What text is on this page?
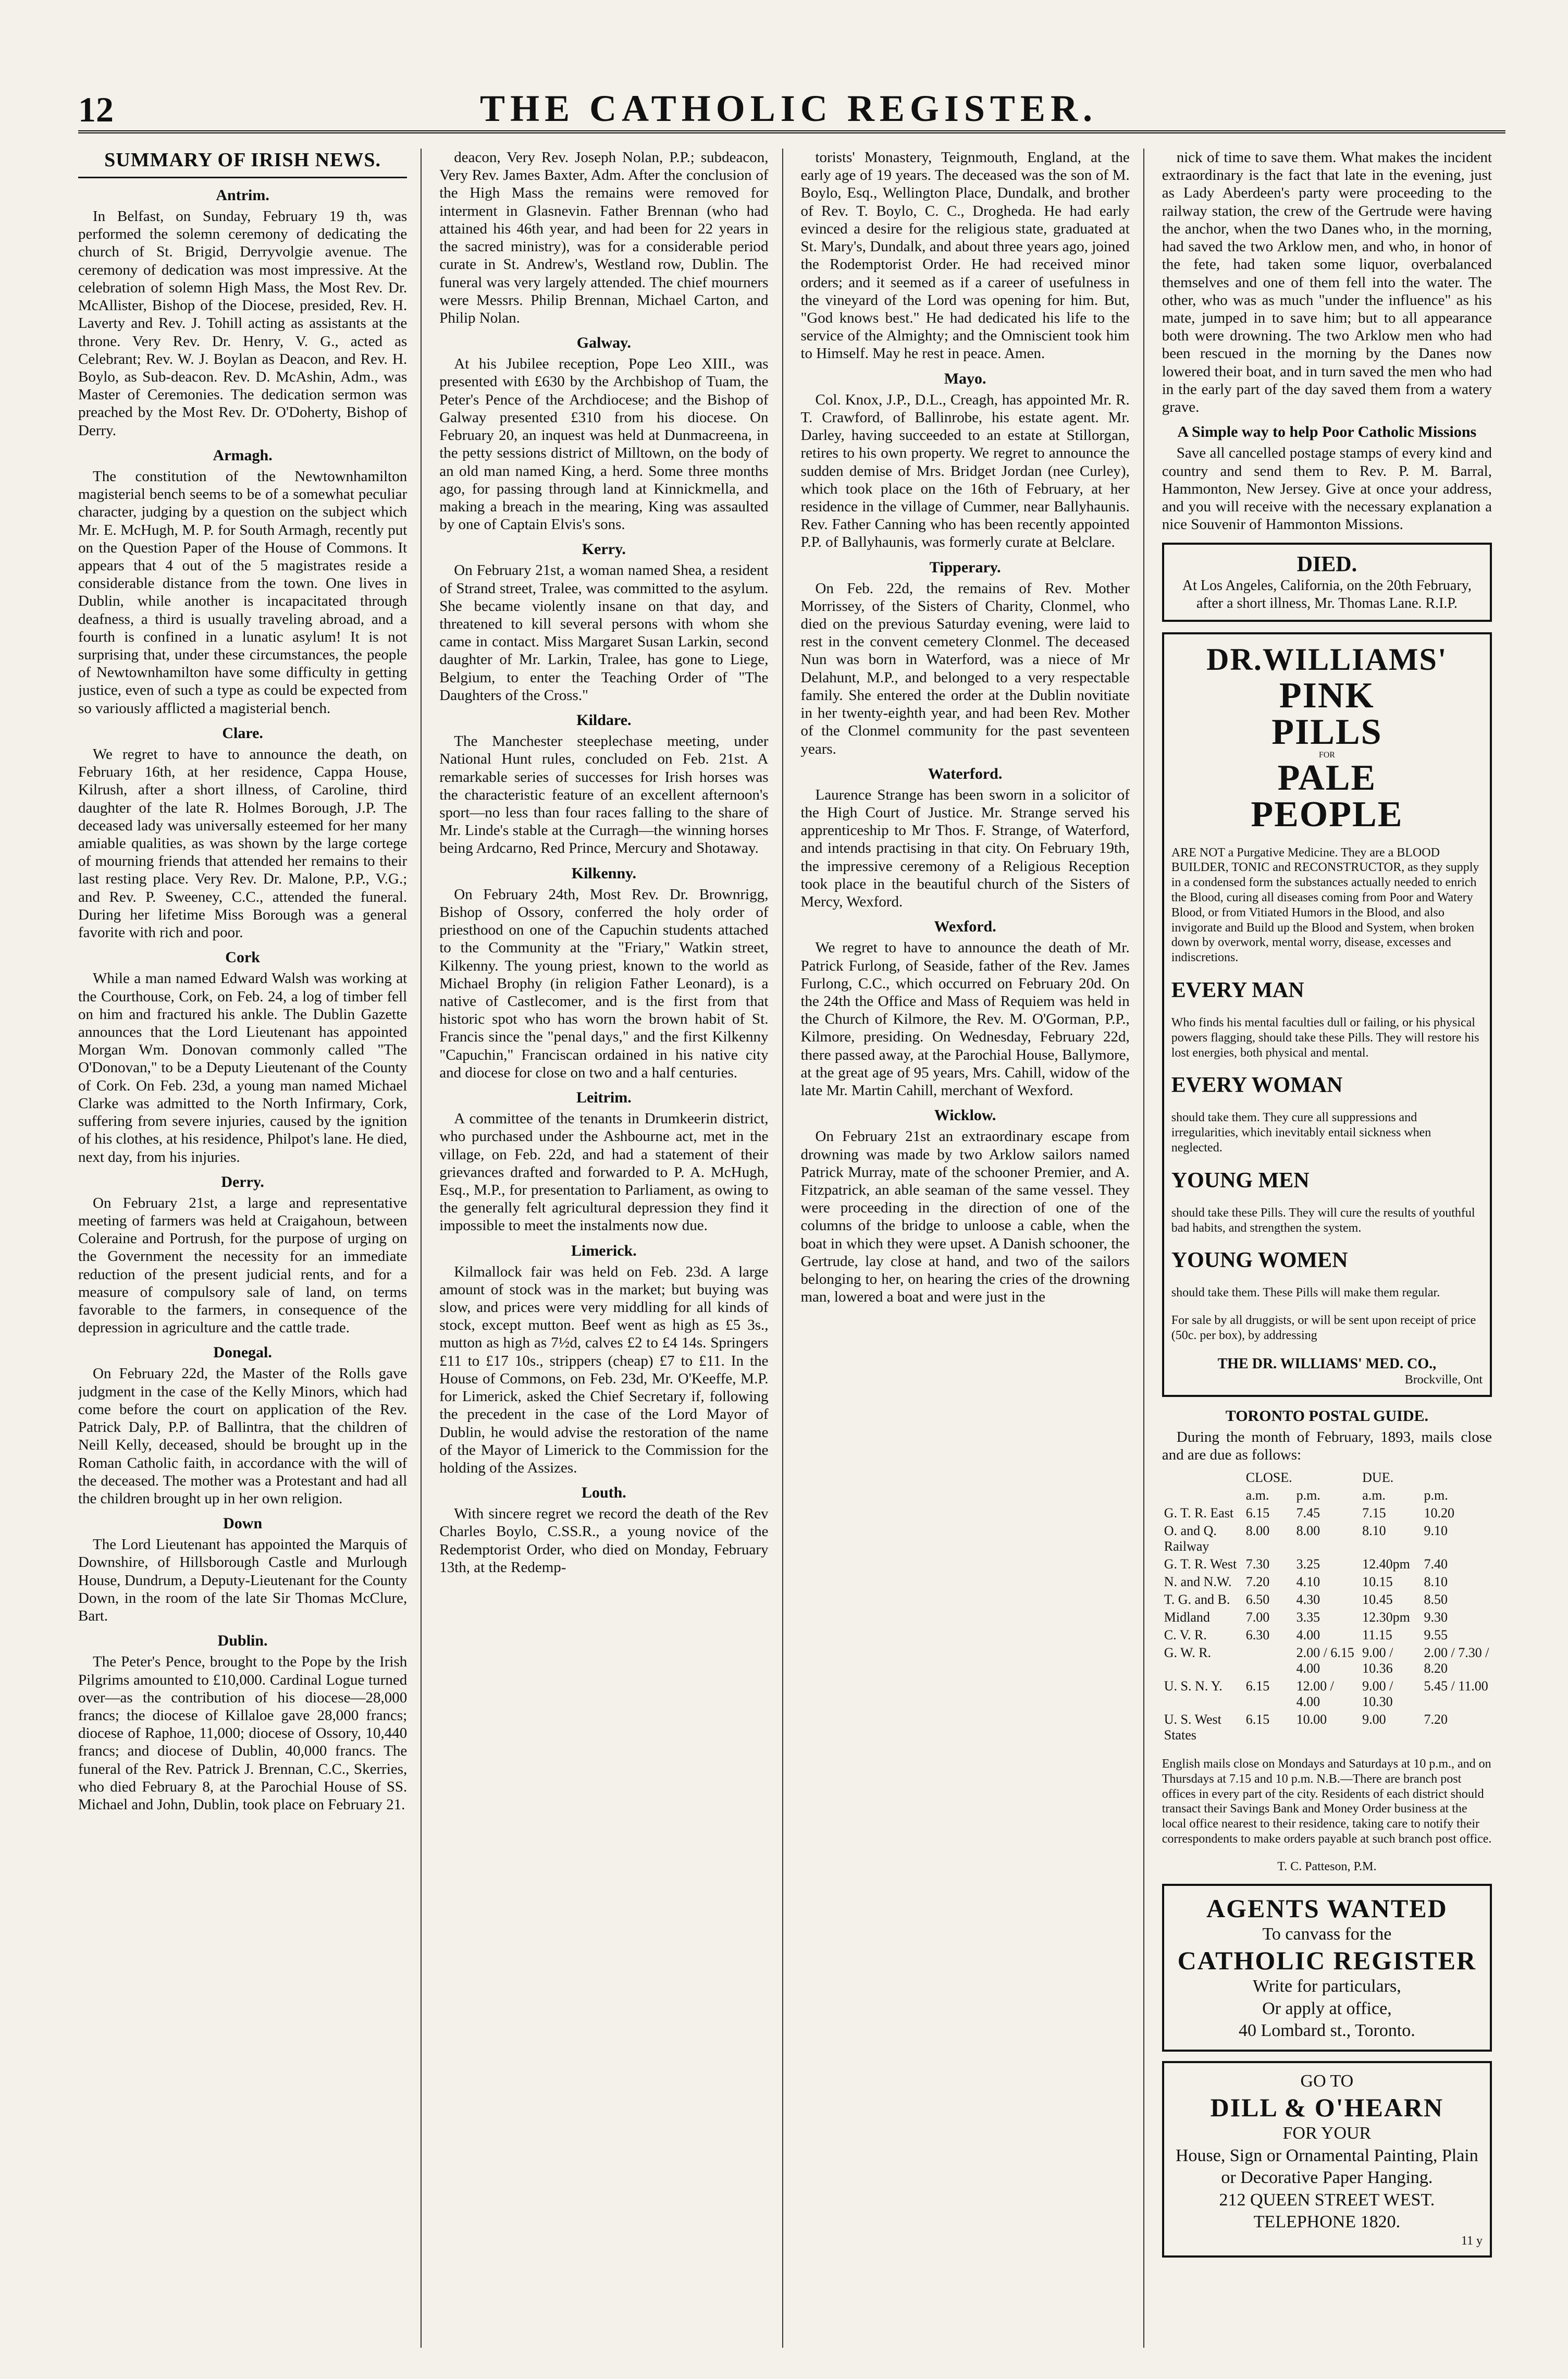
12	THE CATHOLIC REGISTER.
SUMMARY OF IRISH NEWS.
Antrim.

In Belfast, on Sunday, February 19 th, was performed the solemn ceremony of dedicating the church of St. Brigid, Derryvolgie avenue. The ceremony of dedication was most impressive. At the celebration of solemn High Mass, the Most Rev. Dr. McAllister, Bishop of the Diocese, presided, Rev. H. Laverty and Rev. J. Tohill acting as assistants at the throne. Very Rev. Dr. Henry, V. G., acted as Celebrant; Rev. W. J. Boylan as Deacon, and Rev. H. Boylo, as Sub-deacon. Rev. D. McAshin, Adm., was Master of Ceremonies. The dedication sermon was preached by the Most Rev. Dr. O'Doherty, Bishop of Derry.

Armagh.

The constitution of the Newtownhamilton magisterial bench seems to be of a somewhat peculiar character, judging by a question on the subject which Mr. E. McHugh, M. P. for South Armagh, recently put on the Question Paper of the House of Commons. It appears that 4 out of the 5 magistrates reside a considerable distance from the town. One lives in Dublin, while another is incapacitated through deafness, a third is usually traveling abroad, and a fourth is confined in a lunatic asylum! It is not surprising that, under these circumstances, the people of Newtownhamilton have some difficulty in getting justice, even of such a type as could be expected from so variously afflicted a magisterial bench.

Clare.

We regret to have to announce the death, on February 16th, at her residence, Cappa House, Kilrush, after a short illness, of Caroline, third daughter of the late R. Holmes Borough, J.P. The deceased lady was universally esteemed for her many amiable qualities, as was shown by the large cortege of mourning friends that attended her remains to their last resting place. Very Rev. Dr. Malone, P.P., V.G.; and Rev. P. Sweeney, C.C., attended the funeral. During her lifetime Miss Borough was a general favorite with rich and poor.

Cork

While a man named Edward Walsh was working at the Courthouse, Cork, on Feb. 24, a log of timber fell on him and fractured his ankle. The Dublin Gazette announces that the Lord Lieutenant has appointed Morgan Wm. Donovan commonly called "The O'Donovan," to be a Deputy Lieutenant of the County of Cork. On Feb. 23d, a young man named Michael Clarke was admitted to the North Infirmary, Cork, suffering from severe injuries, caused by the ignition of his clothes, at his residence, Philpot's lane. He died, next day, from his injuries.

Derry.

On February 21st, a large and representative meeting of farmers was held at Craigahoun, between Coleraine and Portrush, for the purpose of urging on the Government the necessity for an immediate reduction of the present judicial rents, and for a measure of compulsory sale of land, on terms favorable to the farmers, in consequence of the depression in agriculture and the cattle trade.

Donegal.

On February 22d, the Master of the Rolls gave judgment in the case of the Kelly Minors, which had come before the court on application of the Rev. Patrick Daly, P.P. of Ballintra, that the children of Neill Kelly, deceased, should be brought up in the Roman Catholic faith, in accordance with the will of the deceased. The mother was a Protestant and had all the children brought up in her own religion.

Down

The Lord Lieutenant has appointed the Marquis of Downshire, of Hillsborough Castle and Murlough House, Dundrum, a Deputy-Lieutenant for the County Down, in the room of the late Sir Thomas McClure, Bart.

Dublin.

The Peter's Pence, brought to the Pope by the Irish Pilgrims amounted to £10,000. Cardinal Logue turned over—as the contribution of his diocese—28,000 francs; the diocese of Killaloe gave 28,000 francs; diocese of Raphoe, 11,000; diocese of Ossory, 10,440 francs; and diocese of Dublin, 40,000 francs. The funeral of the Rev. Patrick J. Brennan, C.C., Skerries, who died February 8, at the Parochial House of SS. Michael and John, Dublin, took place on February 21.

deacon, Very Rev. Joseph Nolan, P.P.; subdeacon, Very Rev. James Baxter, Adm. After the conclusion of the High Mass the remains were removed for interment in Glasnevin. Father Brennan (who had attained his 46th year, and had been for 22 years in the sacred ministry), was for a considerable period curate in St. Andrew's, Westland row, Dublin. The funeral was very largely attended. The chief mourners were Messrs. Philip Brennan, Michael Carton, and Philip Nolan.

Galway.

At his Jubilee reception, Pope Leo XIII., was presented with £630 by the Archbishop of Tuam, the Peter's Pence of the Archdiocese; and the Bishop of Galway presented £310 from his diocese. On February 20, an inquest was held at Dunmacreena, in the petty sessions district of Milltown, on the body of an old man named King, a herd. Some three months ago, for passing through land at Kinnickmella, and making a breach in the mearing, King was assaulted by one of Captain Elvis's sons.

Kerry.

On February 21st, a woman named Shea, a resident of Strand street, Tralee, was committed to the asylum. She became violently insane on that day, and threatened to kill several persons with whom she came in contact. Miss Margaret Susan Larkin, second daughter of Mr. Larkin, Tralee, has gone to Liege, Belgium, to enter the Teaching Order of "The Daughters of the Cross."

Kildare.

The Manchester steeplechase meeting, under National Hunt rules, concluded on Feb. 21st. A remarkable series of successes for Irish horses was the characteristic feature of an excellent afternoon's sport—no less than four races falling to the share of Mr. Linde's stable at the Curragh—the winning horses being Ardcarno, Red Prince, Mercury and Shotaway.

Kilkenny.

On February 24th, Most Rev. Dr. Brownrigg, Bishop of Ossory, conferred the holy order of priesthood on one of the Capuchin students attached to the Community at the "Friary," Watkin street, Kilkenny. The young priest, known to the world as Michael Brophy (in religion Father Leonard), is a native of Castlecomer, and is the first from that historic spot who has worn the brown habit of St. Francis since the "penal days," and the first Kilkenny "Capuchin," Franciscan ordained in his native city and diocese for close on two and a half centuries.

Leitrim.

A committee of the tenants in Drumkeerin district, who purchased under the Ashbourne act, met in the village, on Feb. 22d, and had a statement of their grievances drafted and forwarded to P. A. McHugh, Esq., M.P., for presentation to Parliament, as owing to the generally felt agricultural depression they find it impossible to meet the instalments now due.

Limerick.

Kilmallock fair was held on Feb. 23d. A large amount of stock was in the market; but buying was slow, and prices were very middling for all kinds of stock, except mutton. Beef went as high as £5 3s., mutton as high as 7½d, calves £2 to £4 14s. Springers £11 to £17 10s., strippers (cheap) £7 to £11. In the House of Commons, on Feb. 23d, Mr. O'Keeffe, M.P. for Limerick, asked the Chief Secretary if, following the precedent in the case of the Lord Mayor of Dublin, he would advise the restoration of the name of the Mayor of Limerick to the Commission for the holding of the Assizes.

Louth.

With sincere regret we record the death of the Rev Charles Boylo, C.SS.R., a young novice of the Redemptorist Order, who died on Monday, February 13th, at the Redemp-

torists' Monastery, Teignmouth, England, at the early age of 19 years. The deceased was the son of M. Boylo, Esq., Wellington Place, Dundalk, and brother of Rev. T. Boylo, C. C., Drogheda. He had early evinced a desire for the religious state, graduated at St. Mary's, Dundalk, and about three years ago, joined the Rodemptorist Order. He had received minor orders; and it seemed as if a career of usefulness in the vineyard of the Lord was opening for him. But, "God knows best." He had dedicated his life to the service of the Almighty; and the Omniscient took him to Himself. May he rest in peace. Amen.

Mayo.

Col. Knox, J.P., D.L., Creagh, has appointed Mr. R. T. Crawford, of Ballinrobe, his estate agent. Mr. Darley, having succeeded to an estate at Stillorgan, retires to his own property. We regret to announce the sudden demise of Mrs. Bridget Jordan (nee Curley), which took place on the 16th of February, at her residence in the village of Cummer, near Ballyhaunis. Rev. Father Canning who has been recently appointed P.P. of Ballyhaunis, was formerly curate at Belclare.

Tipperary.

On Feb. 22d, the remains of Rev. Mother Morrissey, of the Sisters of Charity, Clonmel, who died on the previous Saturday evening, were laid to rest in the convent cemetery Clonmel. The deceased Nun was born in Waterford, was a niece of Mr Delahunt, M.P., and belonged to a very respectable family. She entered the order at the Dublin novitiate in her twenty-eighth year, and had been Rev. Mother of the Clonmel community for the past seventeen years.

Waterford.

Laurence Strange has been sworn in a solicitor of the High Court of Justice. Mr. Strange served his apprenticeship to Mr Thos. F. Strange, of Waterford, and intends practising in that city. On February 19th, the impressive ceremony of a Religious Reception took place in the beautiful church of the Sisters of Mercy, Wexford.

Wexford.

We regret to have to announce the death of Mr. Patrick Furlong, of Seaside, father of the Rev. James Furlong, C.C., which occurred on February 20d. On the 24th the Office and Mass of Requiem was held in the Church of Kilmore, the Rev. M. O'Gorman, P.P., Kilmore, presiding. On Wednesday, February 22d, there passed away, at the Parochial House, Ballymore, at the great age of 95 years, Mrs. Cahill, widow of the late Mr. Martin Cahill, merchant of Wexford.

Wicklow.

On February 21st an extraordinary escape from drowning was made by two Arklow sailors named Patrick Murray, mate of the schooner Premier, and A. Fitzpatrick, an able seaman of the same vessel. They were proceeding in the direction of one of the columns of the bridge to unloose a cable, when the boat in which they were upset. A Danish schooner, the Gertrude, lay close at hand, and two of the sailors belonging to her, on hearing the cries of the drowning man, lowered a boat and were just in the

nick of time to save them. What makes the incident extraordinary is the fact that late in the evening, just as Lady Aberdeen's party were proceeding to the railway station, the crew of the Gertrude were having the anchor, when the two Danes who, in the morning, had saved the two Arklow men, and who, in honor of the fete, had taken some liquor, overbalanced themselves and one of them fell into the water. The other, who was as much "under the influence" as his mate, jumped in to save him; but to all appearance both were drowning. The two Arklow men who had been rescued in the morning by the Danes now lowered their boat, and in turn saved the men who had in the early part of the day saved them from a watery grave.

A Simple way to help Poor Catholic Missions

Save all cancelled postage stamps of every kind and country and send them to Rev. P. M. Barral, Hammonton, New Jersey. Give at once your address, and you will receive with the necessary explanation a nice Souvenir of Hammonton Missions.

DIED.
At Los Angeles, California, on the 20th February, after a short illness, Mr. Thomas Lane. R.I.P.
DR.WILLIAMS'
PINK
PILLS
FOR
PALE
PEOPLE

ARE NOT a Purgative Medicine. They are a BLOOD BUILDER, TONIC and RECONSTRUCTOR, as they supply in a condensed form the substances actually needed to enrich the Blood, curing all diseases coming from Poor and Watery Blood, or from Vitiated Humors in the Blood, and also invigorate and Build up the Blood and System, when broken down by overwork, mental worry, disease, excesses and indiscretions.

EVERY MAN

Who finds his mental faculties dull or failing, or his physical powers flagging, should take these Pills. They will restore his lost energies, both physical and mental.

EVERY WOMAN

should take them. They cure all suppressions and irregularities, which inevitably entail sickness when neglected.

YOUNG MEN

should take these Pills. They will cure the results of youthful bad habits, and strengthen the system.

YOUNG WOMEN

should take them. These Pills will make them regular.

For sale by all druggists, or will be sent upon receipt of price (50c. per box), by addressing

THE DR. WILLIAMS' MED. CO.,
Brockville, Ont
TORONTO POSTAL GUIDE.

During the month of February, 1893, mails close and are due as follows:

	CLOSE.		DUE.	
	a.m.	p.m.	a.m.	p.m.
G. T. R. East	6.15	7.45	7.15	10.20
O. and Q. Railway	8.00	8.00	8.10	9.10
G. T. R. West	7.30	3.25	12.40pm	7.40
N. and N.W.	7.20	4.10	10.15	8.10
T. G. and B.	6.50	4.30	10.45	8.50
Midland	7.00	3.35	12.30pm	9.30
C. V. R.	6.30	4.00	11.15	9.55
G. W. R.		2.00 / 6.15 4.00	9.00 / 10.36	2.00 / 7.30 / 8.20
U. S. N. Y.	6.15	12.00 / 4.00	9.00 / 10.30	5.45 / 11.00
U. S. West States	6.15	10.00	9.00	7.20

English mails close on Mondays and Saturdays at 10 p.m., and on Thursdays at 7.15 and 10 p.m. N.B.—There are branch post offices in every part of the city. Residents of each district should transact their Savings Bank and Money Order business at the local office nearest to their residence, taking care to notify their correspondents to make orders payable at such branch post office.

T. C. Patteson, P.M.
AGENTS WANTED
To canvass for the
CATHOLIC REGISTER
Write for particulars,
Or apply at office,
40 Lombard st., Toronto.
GO TO
DILL & O'HEARN
FOR YOUR
House, Sign or Ornamental Painting, Plain or Decorative Paper Hanging.
212 QUEEN STREET WEST.
TELEPHONE 1820.
11 y
